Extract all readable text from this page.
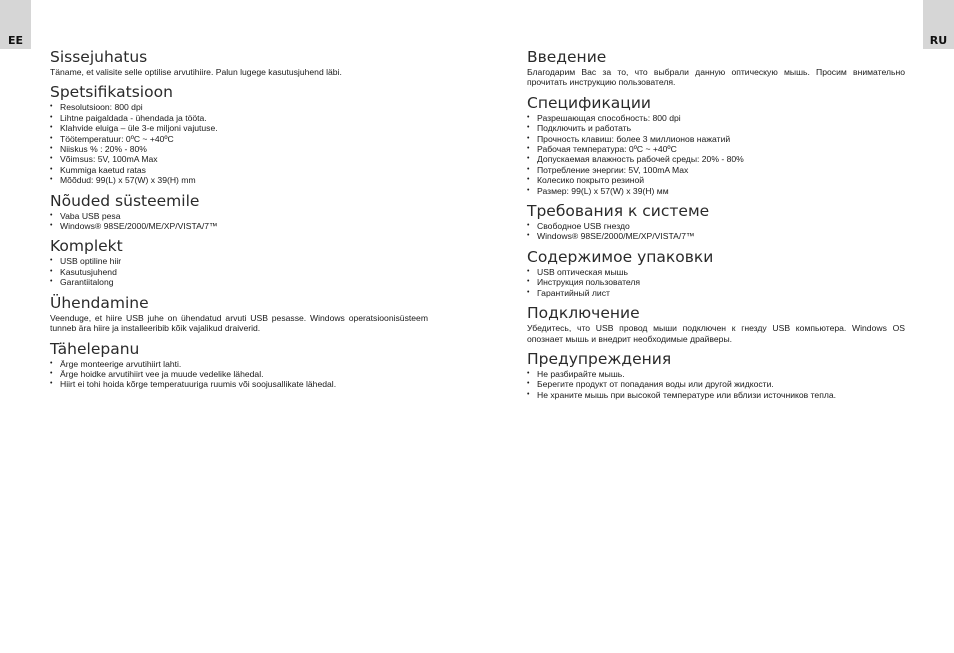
EE	RU
Sissejuhatus

Täname, et valisite selle optilise arvutihiire. Palun lugege kasutusjuhend läbi.

Spetsifikatsioon
• Resolutsioon: 800 dpi
• Lihtne paigaldada - ühendada ja tööta.
• Klahvide eluiga – üle 3-e miljoni vajutuse.
• Töötemperatuur: 0ºC ~ +40ºC
• Niiskus % : 20% - 80%
• Võimsus: 5V, 100mA Max
• Kummiga kaetud ratas
• Mõõdud: 99(L) x 57(W) x 39(H) mm
Nõuded süsteemile
• Vaba USB pesa
• Windows® 98SE/2000/ME/XP/VISTA/7™
Komplekt
• USB optiline hiir
• Kasutusjuhend
• Garantiitalong
Ühendamine

Veenduge, et hiire USB juhe on ühendatud arvuti USB pesasse. Windows operatsioonisüsteem tunneb ära hiire ja installeeribib kõik vajalikud draiverid.

Tähelepanu
• Ärge monteerige arvutihiirt lahti.
• Ärge hoidke arvutihiirt vee ja muude vedelike lähedal.
• Hiirt ei tohi hoida kõrge temperatuuriga ruumis või soojusallikate lähedal.
Введение

Благодарим Вас за то, что выбрали данную оптическую мышь. Просим внимательно прочитать инструкцию пользователя.

Спецификации
• Разрешающая способность: 800 dpi
• Подключить и работать
• Прочность клавиш: более 3 миллионов нажатий
• Рабочая температура: 0ºC ~ +40ºC
• Допускаемая влажность рабочей среды: 20% - 80%
• Потребление энергии: 5V, 100mA Max
• Колесико покрыто резиной
• Размер: 99(L) x 57(W) x 39(H) мм
Требования к системе
• Свободное USB гнездо
• Windows® 98SE/2000/ME/XP/VISTA/7™
Содержимое упаковки
• USB оптическая мышь
• Инструкция пользователя
• Гарантийный лист
Подключение

Убедитесь, что USB провод мыши подключен к гнезду USB компьютера. Windows OS опознает мышь и внедрит необходимые драйверы.

Предупреждения
• Не разбирайте мышь.
• Берегите продукт от попадания воды или другой жидкости.
• Не храните мышь при высокой температуре или вблизи источников тепла.
